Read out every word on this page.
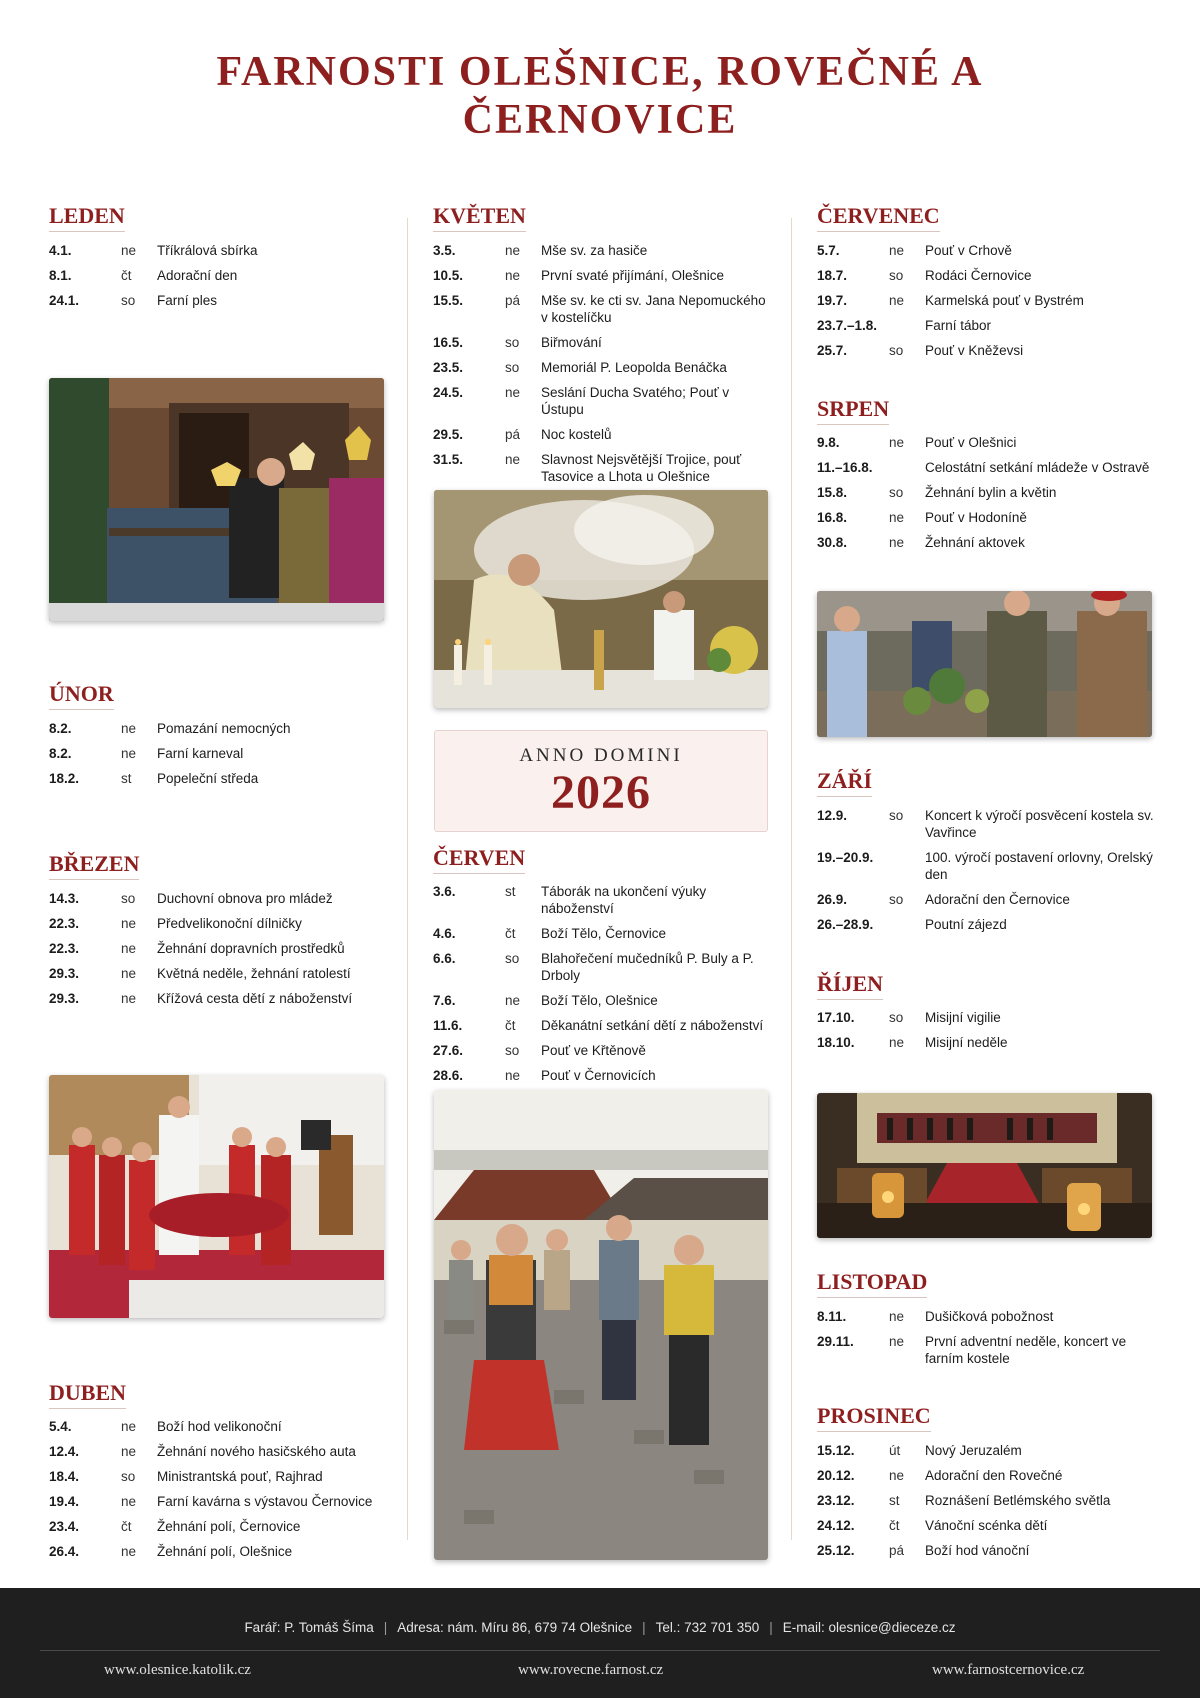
FARNOSTI OLEŠNICE, ROVEČNÉ A
ČERNOVICE
LEDEN
4.1.	ne	Tříkrálová sbírka
8.1.	čt	Adorační den
24.1.	so	Farní ples
ÚNOR
8.2.	ne	Pomazání nemocných
8.2.	ne	Farní karneval
18.2.	st	Popeleční středa
BŘEZEN
14.3.	so	Duchovní obnova pro mládež
22.3.	ne	Předvelikonoční dílničky
22.3.	ne	Žehnání dopravních prostředků
29.3.	ne	Květná neděle, žehnání ratolestí
29.3.	ne	Křížová cesta dětí z náboženství
DUBEN
5.4.	ne	Boží hod velikonoční
12.4.	ne	Žehnání nového hasičského auta
18.4.	so	Ministrantská pouť, Rajhrad
19.4.	ne	Farní kavárna s výstavou Černovice
23.4.	čt	Žehnání polí, Černovice
26.4.	ne	Žehnání polí, Olešnice
KVĚTEN
3.5.	ne	Mše sv. za hasiče
10.5.	ne	První svaté přijímání, Olešnice
15.5.	pá	Mše sv. ke cti sv. Jana Nepomuckého v kostelíčku
16.5.	so	Biřmování
23.5.	so	Memoriál P. Leopolda Benáčka
24.5.	ne	Seslání Ducha Svatého; Pouť v Ústupu
29.5.	pá	Noc kostelů
31.5.	ne	Slavnost Nejsvětější Trojice, pouť Tasovice a Lhota u Olešnice
ANNO DOMINI
2026
ČERVEN
3.6.	st	Táborák na ukončení výuky náboženství
4.6.	čt	Boží Tělo, Černovice
6.6.	so	Blahořečení mučedníků P. Buly a P. Drboly
7.6.	ne	Boží Tělo, Olešnice
11.6.	čt	Děkanátní setkání dětí z náboženství
27.6.	so	Pouť ve Křtěnově
28.6.	ne	Pouť v Černovicích
ČERVENEC
5.7.	ne	Pouť v Crhově
18.7.	so	Rodáci Černovice
19.7.	ne	Karmelská pouť v Bystrém
23.7.–1.8.	Farní tábor
25.7.	so	Pouť v Kněževsi
SRPEN
9.8.	ne	Pouť v Olešnici
11.–16.8.	Celostátní setkání mládeže v Ostravě
15.8.	so	Žehnání bylin a květin
16.8.	ne	Pouť v Hodoníně
30.8.	ne	Žehnání aktovek
ZÁŘÍ
12.9.	so	Koncert k výročí posvěcení kostela sv. Vavřince
19.–20.9.	100. výročí postavení orlovny, Orelský den
26.9.	so	Adorační den Černovice
26.–28.9.	Poutní zájezd
ŘÍJEN
17.10.	so	Misijní vigilie
18.10.	ne	Misijní neděle
LISTOPAD
8.11.	ne	Dušičková pobožnost
29.11.	ne	První adventní neděle, koncert ve farním kostele
PROSINEC
15.12.	út	Nový Jeruzalém
20.12.	ne	Adorační den Rovečné
23.12.	st	Roznášení Betlémského světla
24.12.	čt	Vánoční scénka dětí
25.12.	pá	Boží hod vánoční
Farář: P. Tomáš Šíma | Adresa: nám. Míru 86, 679 74 Olešnice | Tel.: 732 701 350 | E-mail: olesnice@dieceze.cz
www.olesnice.katolik.cz	www.rovecne.farnost.cz	www.farnostcernovice.cz
